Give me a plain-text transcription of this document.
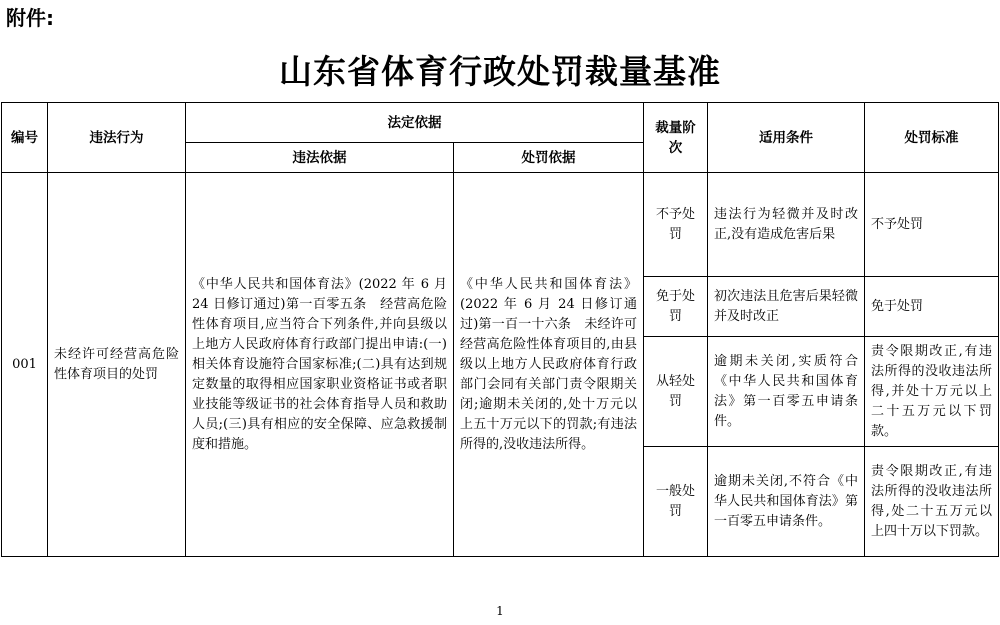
附件:
山东省体育行政处罚裁量基准
编号	违法行为	法定依据		裁量阶次	适用条件	处罚标准
		违法依据	处罚依据			
001	未经许可经营高危险性体育项目的处罚	《中华人民共和国体育法》(2022 年 6 月 24 日修订通过)第一百零五条　经营高危险性体育项目,应当符合下列条件,并向县级以上地方人民政府体育行政部门提出申请:(一)相关体育设施符合国家标准;(二)具有达到规定数量的取得相应国家职业资格证书或者职业技能等级证书的社会体育指导人员和救助人员;(三)具有相应的安全保障、应急救援制度和措施。	《中华人民共和国体育法》(2022 年 6 月 24 日修订通过)第一百一十六条　未经许可经营高危险性体育项目的,由县级以上地方人民政府体育行政部门会同有关部门责令限期关闭;逾期未关闭的,处十万元以上五十万元以下的罚款;有违法所得的,没收违法所得。	不予处罚	违法行为轻微并及时改正,没有造成危害后果	不予处罚
				免于处罚	初次违法且危害后果轻微并及时改正	免于处罚
				从轻处罚	逾期未关闭,实质符合《中华人民共和国体育法》第一百零五申请条件。	责令限期改正,有违法所得的没收违法所得,并处十万元以上二十五万元以下罚款。
				一般处罚	逾期未关闭,不符合《中华人民共和国体育法》第一百零五申请条件。	责令限期改正,有违法所得的没收违法所得,处二十五万元以上四十万以下罚款。
1
